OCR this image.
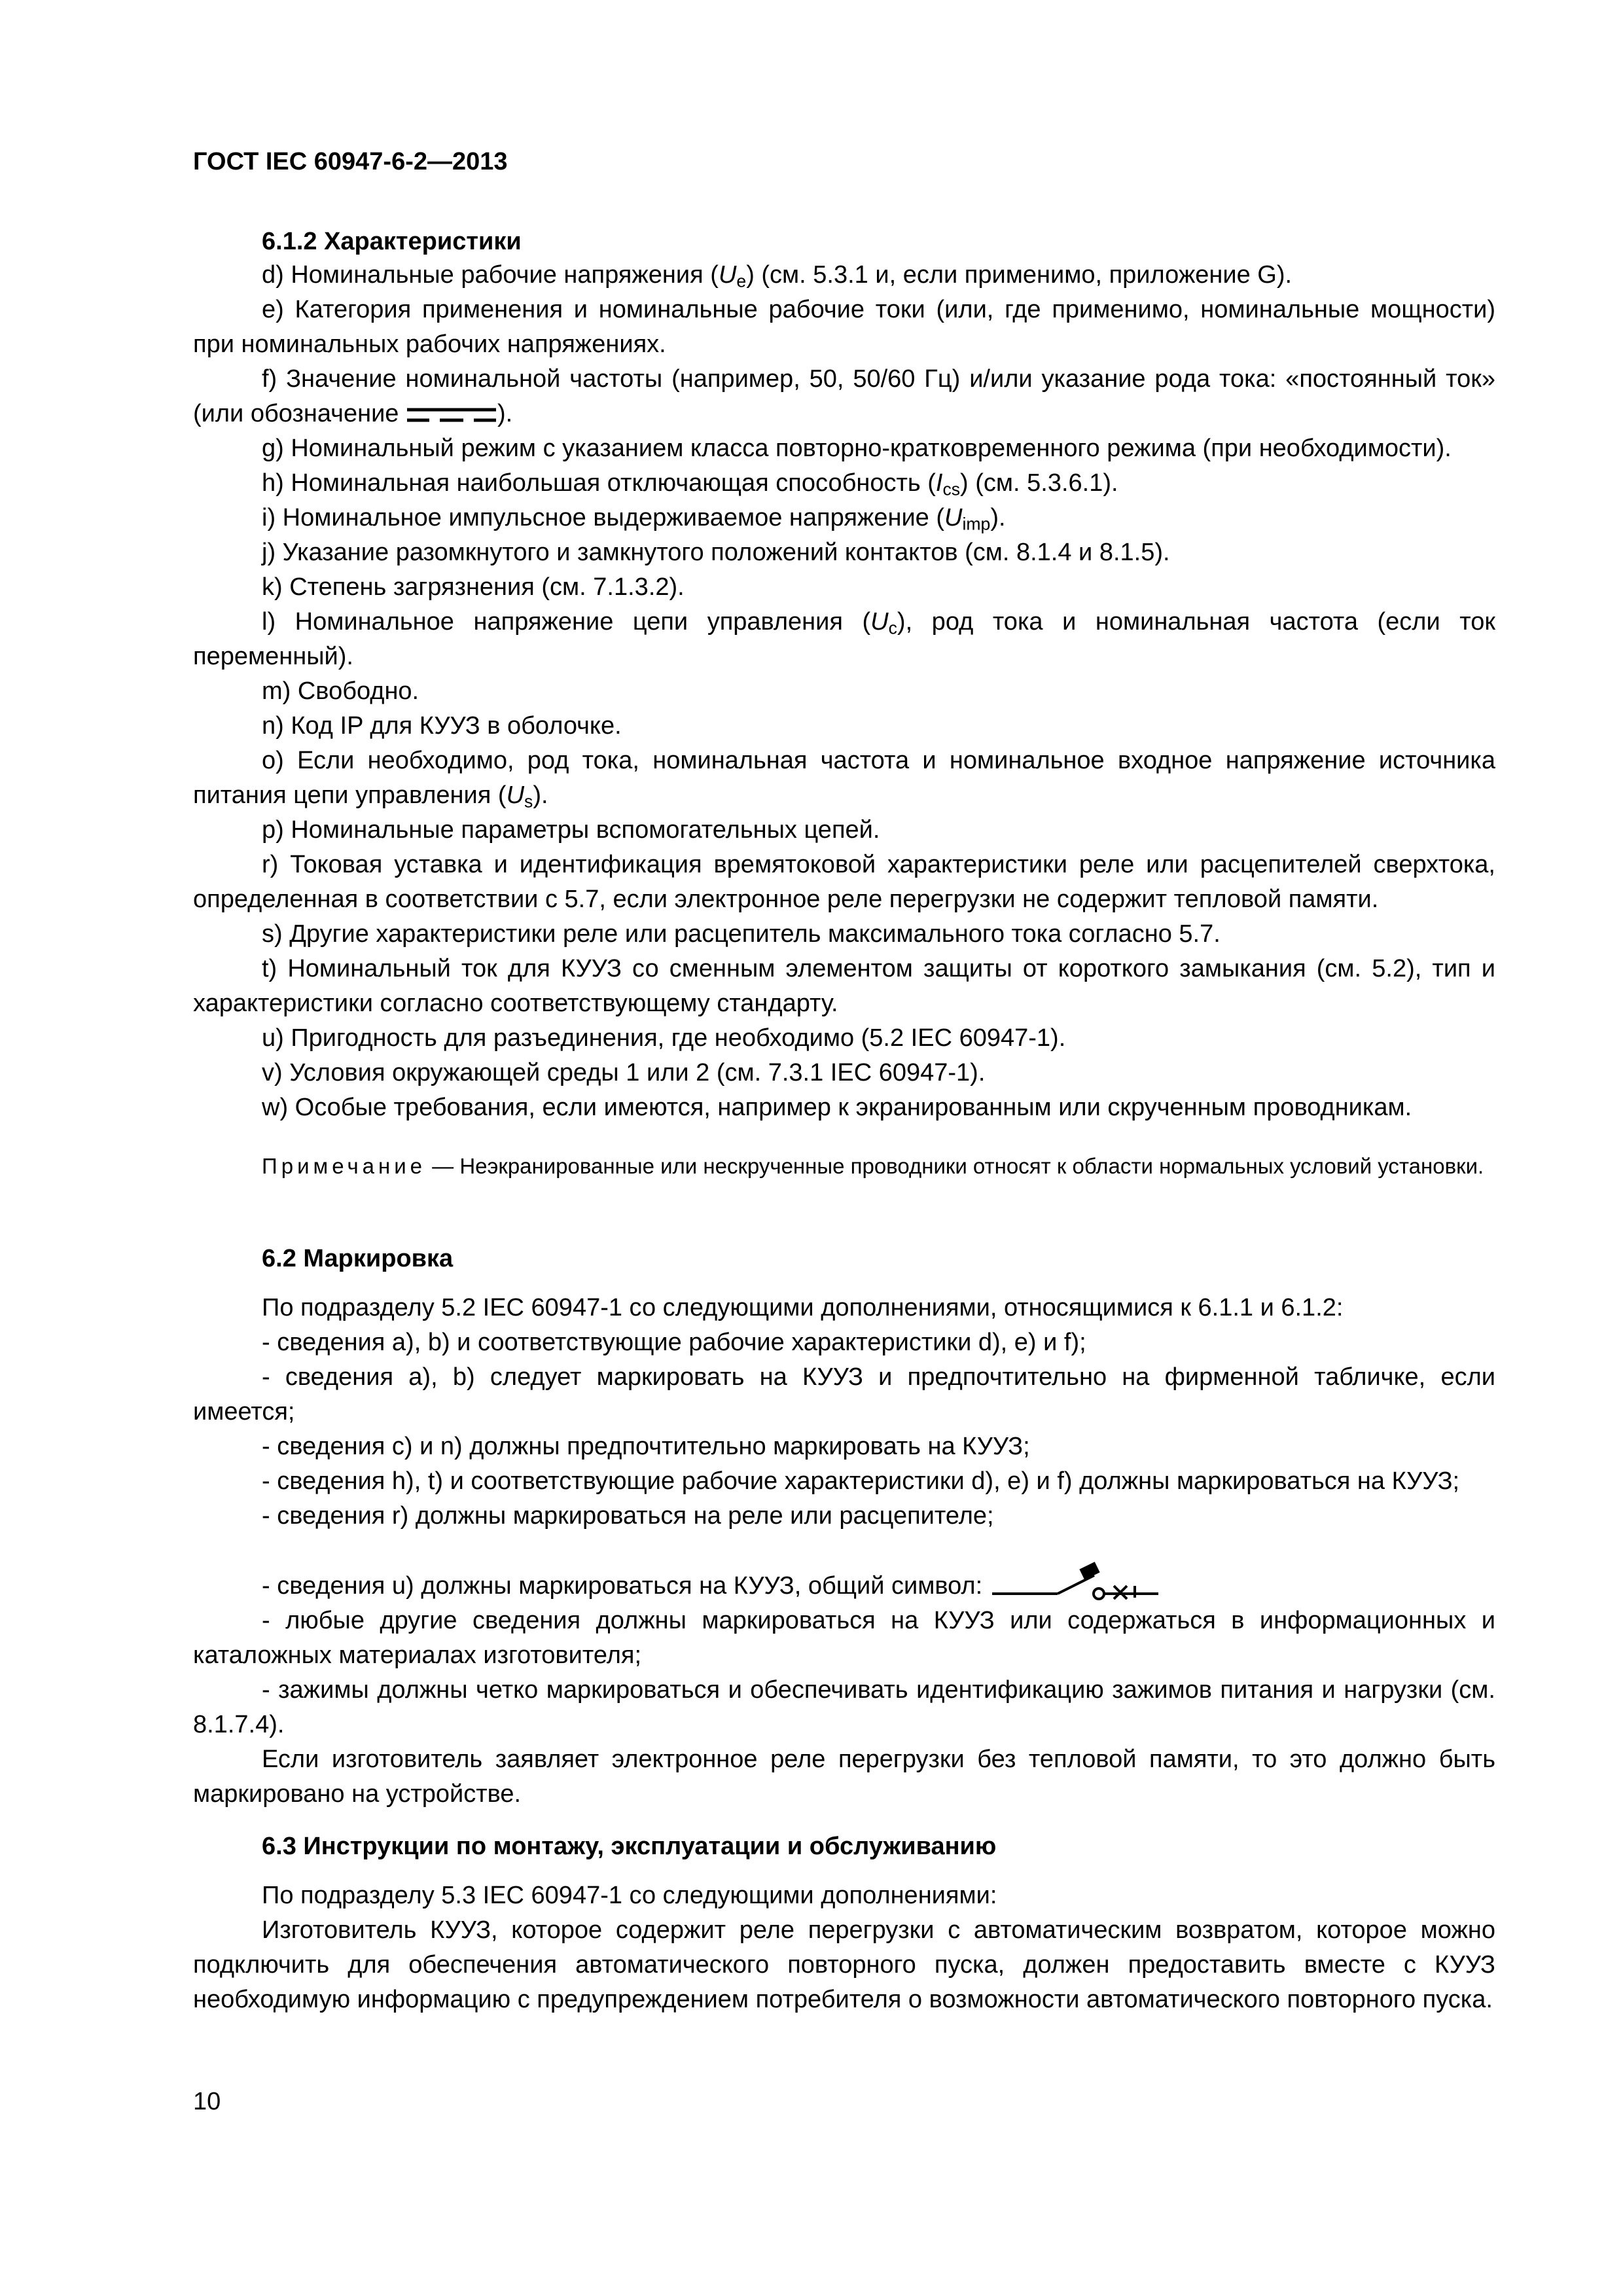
ГОСТ IEC 60947-6-2—2013
6.1.2 Характеристики

d) Номинальные рабочие напряжения $(U_e)$ (см. 5.3.1 и, если применимо, приложение G).

е) Категория применения и номинальные рабочие токи (или, где применимо, номинальные мощности) при номинальных рабочих напряжениях.

f) Значение номинальной частоты (например, 50, 50/60 Гц) и/или указание рода тока: «постоянный ток» (или обозначение	).

g) Номинальный режим с указанием класса повторно-кратковременного режима (при необходимости).

h) Номинальная наибольшая отключающая способность $(I_{cs})$ (см. 5.3.6.1).

i) Номинальное импульсное выдерживаемое напряжение $(U_{imp})$.

j) Указание разомкнутого и замкнутого положений контактов (см. 8.1.4 и 8.1.5).

k) Степень загрязнения (см. 7.1.3.2).

l) Номинальное напряжение цепи управления $(U_c)$, род тока и номинальная частота (если ток переменный).

m) Свободно.

n) Код IP для КУУЗ в оболочке.

o) Если необходимо, род тока, номинальная частота и номинальное входное напряжение источника питания цепи управления $(U_s)$.

p) Номинальные параметры вспомогательных цепей.

r) Токовая уставка и идентификация времятоковой характеристики реле или расцепителей сверхтока, определенная в соответствии с 5.7, если электронное реле перегрузки не содержит тепловой памяти.

s) Другие характеристики реле или расцепитель максимального тока согласно 5.7.

t) Номинальный ток для КУУЗ со сменным элементом защиты от короткого замыкания (см. 5.2), тип и характеристики согласно соответствующему стандарту.

u) Пригодность для разъединения, где необходимо (5.2 IEC 60947-1).

v) Условия окружающей среды 1 или 2 (см. 7.3.1 IEC 60947-1).

w) Особые требования, если имеются, например к экранированным или скрученным проводникам.

Примечание — Неэкранированные или нескрученные проводники относят к области нормальных условий установки.

6.2 Маркировка

По подразделу 5.2 IEC 60947-1 со следующими дополнениями, относящимися к 6.1.1 и 6.1.2:

- сведения а), b) и соответствующие рабочие характеристики d), е) и f);

- сведения а), b) следует маркировать на КУУЗ и предпочтительно на фирменной табличке, если имеется;

- сведения с) и n) должны предпочтительно маркировать на КУУЗ;

- сведения h), t) и соответствующие рабочие характеристики d), е) и f) должны маркироваться на КУУЗ;

- сведения r) должны маркироваться на реле или расцепителе;

- сведения u) должны маркироваться на КУУЗ, общий символ:

- любые другие сведения должны маркироваться на КУУЗ или содержаться в информационных и каталожных материалах изготовителя;

- зажимы должны четко маркироваться и обеспечивать идентификацию зажимов питания и нагрузки (см. 8.1.7.4).

Если изготовитель заявляет электронное реле перегрузки без тепловой памяти, то это должно быть маркировано на устройстве.

6.3 Инструкции по монтажу, эксплуатации и обслуживанию

По подразделу 5.3 IEC 60947-1 со следующими дополнениями:

Изготовитель КУУЗ, которое содержит реле перегрузки с автоматическим возвратом, которое можно подключить для обеспечения автоматического повторного пуска, должен предоставить вместе с КУУЗ необходимую информацию с предупреждением потребителя о возможности автоматического повторного пуска.

10
